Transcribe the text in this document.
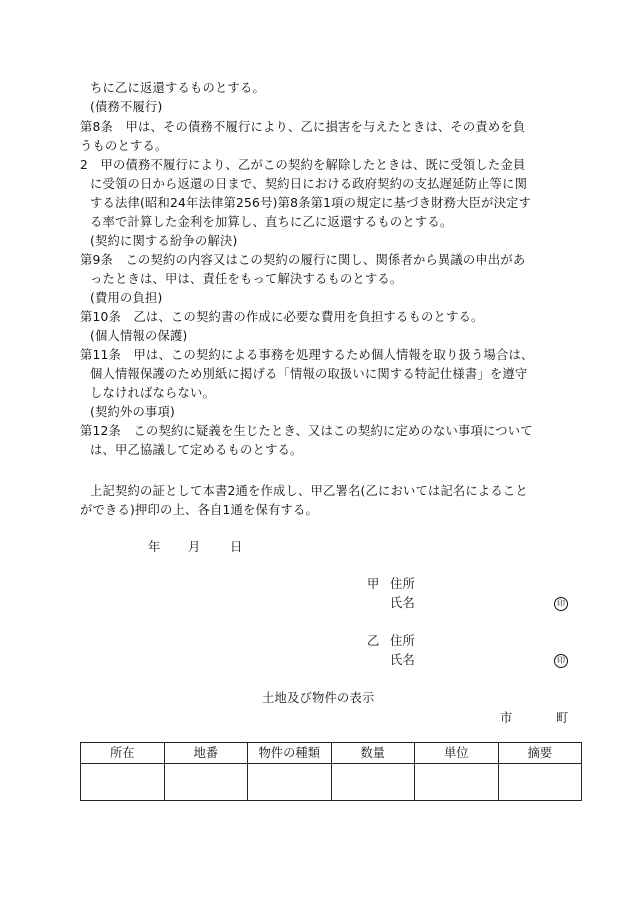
ちに乙に返還するものとする。
(債務不履行)
第8条　甲は、その債務不履行により、乙に損害を与えたときは、その責めを負
うものとする。
2　甲の債務不履行により、乙がこの契約を解除したときは、既に受領した金員
に受領の日から返還の日まで、契約日における政府契約の支払遅延防止等に関
する法律(昭和24年法律第256号)第8条第1項の規定に基づき財務大臣が決定す
る率で計算した金利を加算し、直ちに乙に返還するものとする。
(契約に関する紛争の解決)
第9条　この契約の内容又はこの契約の履行に関し、関係者から異議の申出があ
ったときは、甲は、責任をもって解決するものとする。
(費用の負担)
第10条　乙は、この契約書の作成に必要な費用を負担するものとする。
(個人情報の保護)
第11条　甲は、この契約による事務を処理するため個人情報を取り扱う場合は、
個人情報保護のため別紙に掲げる「情報の取扱いに関する特記仕様書」を遵守
しなければならない。
(契約外の事項)
第12条　この契約に疑義を生じたとき、又はこの契約に定めのない事項について
は、甲乙協議して定めるものとする。
上記契約の証として本書2通を作成し、甲乙署名(乙においては記名によること
ができる)押印の上、各自1通を保有する。
年 月 日
甲 住所
氏名	印
乙 住所
氏名	印
土地及び物件の表示
市	町
所在	地番	物件の種類	数量	単位	摘要
